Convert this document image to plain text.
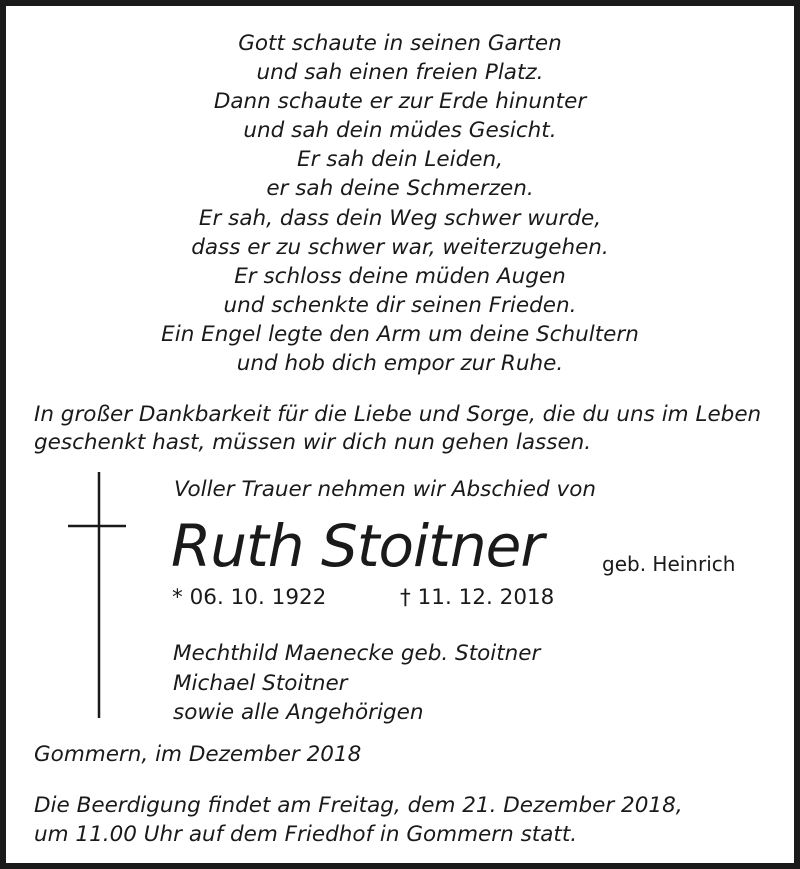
Gott schaute in seinen Garten
und sah einen freien Platz.
Dann schaute er zur Erde hinunter
und sah dein müdes Gesicht.
Er sah dein Leiden,
er sah deine Schmerzen.
Er sah, dass dein Weg schwer wurde,
dass er zu schwer war, weiterzugehen.
Er schloss deine müden Augen
und schenkte dir seinen Frieden.
Ein Engel legte den Arm um deine Schultern
und hob dich empor zur Ruhe.
In großer Dankbarkeit für die Liebe und Sorge, die du uns im Leben
geschenkt hast, müssen wir dich nun gehen lassen.
Voller Trauer nehmen wir Abschied von
Ruth Stoitner	geb. Heinrich
* 06. 10. 1922	† 11. 12. 2018
Mechthild Maenecke geb. Stoitner
Michael Stoitner
sowie alle Angehörigen
Gommern, im Dezember 2018
Die Beerdigung findet am Freitag, dem 21. Dezember 2018,
um 11.00 Uhr auf dem Friedhof in Gommern statt.
